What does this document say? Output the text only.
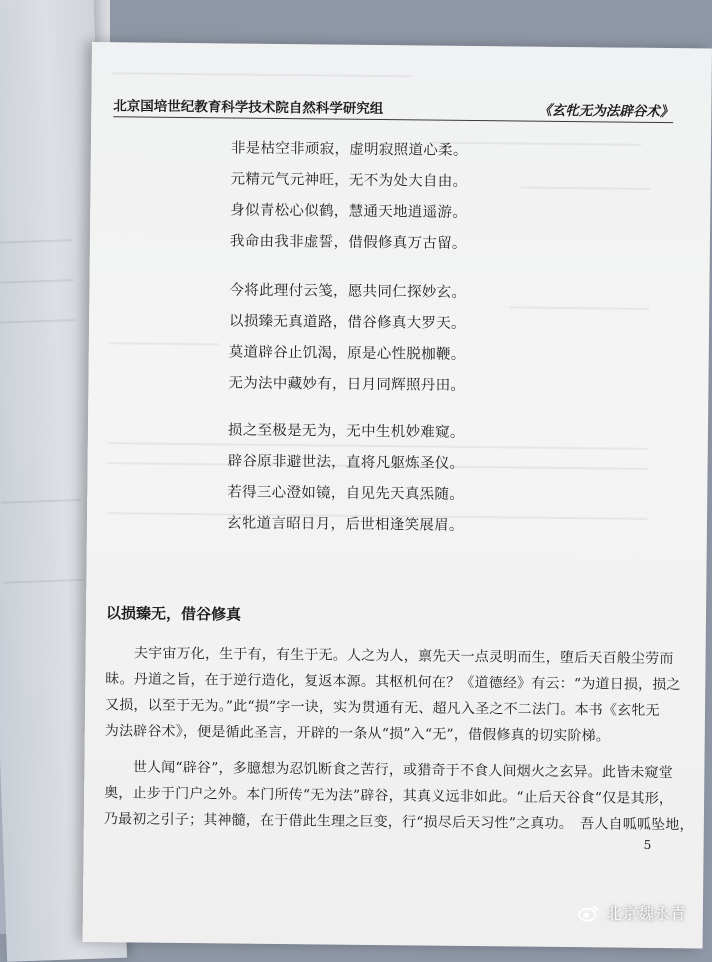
北京国培世纪教育科学技术院自然科学研究组	《玄牝无为法辟谷术》
非是枯空非顽寂，虚明寂照道心柔。
元精元气元神旺，无不为处大自由。
身似青松心似鹤，慧通天地逍遥游。
我命由我非虚誓，借假修真万古留。
今将此理付云笺，愿共同仁探妙玄。
以损臻无真道路，借谷修真大罗天。
莫道辟谷止饥渴，原是心性脱枷鞭。
无为法中藏妙有，日月同辉照丹田。
损之至极是无为，无中生机妙难窥。
辟谷原非避世法，直将凡躯炼圣仪。
若得三心澄如镜，自见先天真炁随。
玄牝道言昭日月，后世相逢笑展眉。
以损臻无，借谷修真
　　夫宇宙万化，生于有，有生于无。人之为人，禀先天一点灵明而生，堕后天百般尘劳而
昧。丹道之旨，在于逆行造化，复返本源。其枢机何在？《道德经》有云：“为道日损，损之
又损，以至于无为。”此“损”字一诀，实为贯通有无、超凡入圣之不二法门。本书《玄牝无
为法辟谷术》，便是循此圣言，开辟的一条从“损”入“无”，借假修真的切实阶梯。
　　世人闻“辟谷”，多臆想为忍饥断食之苦行，或猎奇于不食人间烟火之玄异。此皆未窥堂
奥，止步于门户之外。本门所传“无为法”辟谷，其真义远非如此。“止后天谷食”仅是其形，
乃最初之引子；其神髓，在于借此生理之巨变，行“损尽后天习性”之真功。　吾人自呱呱坠地，
5
北京魏永青
